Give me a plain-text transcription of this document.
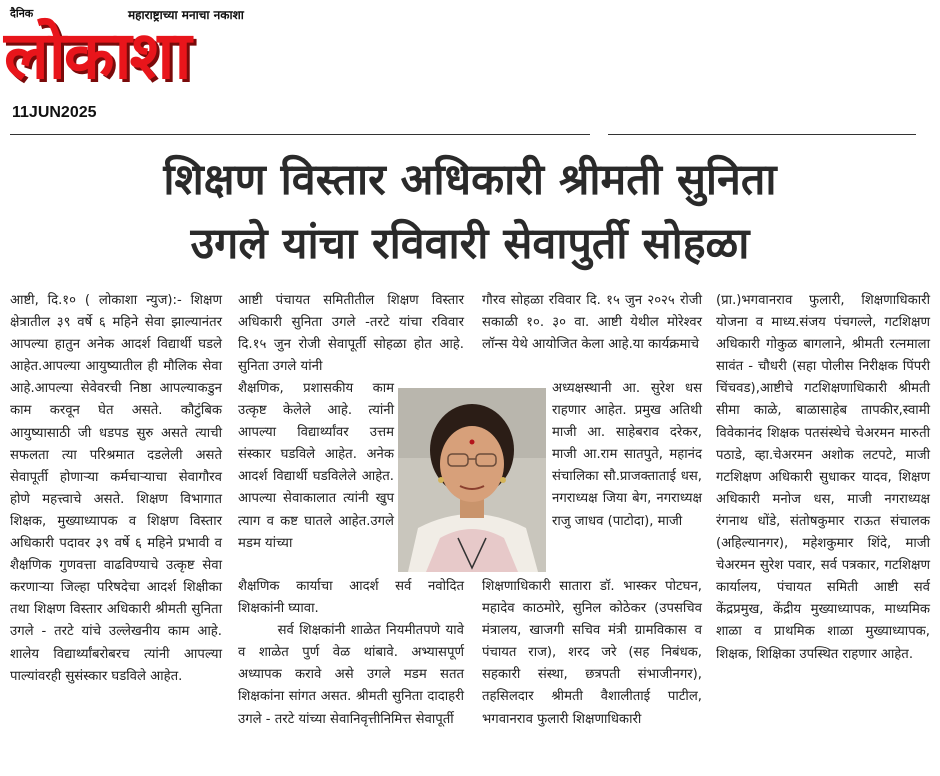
दैनिक	महाराष्ट्राच्या मनाचा नकाशा
लोकाशा
11JUN2025
शिक्षण विस्तार अधिकारी श्रीमती सुनिता
उगले यांचा रविवारी सेवापुर्ती सोहळा

आष्टी, दि.१० ( लोकाशा न्युज):- शिक्षण क्षेत्रातील ३९ वर्षे ६ महिने सेवा झाल्यानंतर आपल्या हातुन अनेक आदर्श विद्यार्थी घडले आहेत.आपल्या आयुष्यातील ही मौलिक सेवा आहे.आपल्या सेवेवरची निष्ठा आपल्याकडुन काम करवून घेत असते. कौटुंबिक आयुष्यासाठी जी धडपड सुरु असते त्याची सफलता त्या परिश्रमात दडलेली असते सेवापूर्ती होणार्‍या कर्मचार्‍याचा सेवागौरव होणे महत्त्वाचे असते. शिक्षण विभागात शिक्षक, मुख्याध्यापक व शिक्षण विस्तार अधिकारी पदावर ३९ वर्षे ६ महिने प्रभावी व शैक्षणिक गुणवत्ता वाढविण्याचे उत्कृष्ट सेवा करणार्‍या जिल्हा परिषदेचा आदर्श शिक्षीका तथा शिक्षण विस्तार अधिकारी श्रीमती सुनिता उगले - तरटे यांचे उल्लेखनीय काम आहे. शालेय विद्यार्थ्यांबरोबरच त्यांनी आपल्या पाल्यांवरही सुसंस्कार घडविले आहेत.

आष्टी पंचायत समितीतील शिक्षण विस्तार अधिकारी सुनिता उगले -तरटे यांचा रविवार दि.१५ जुन रोजी सेवापूर्ती सोहळा होत आहे. सुनिता उगले यांनी

शैक्षणिक, प्रशासकीय काम उत्कृष्ट केलेले आहे. त्यांनी आपल्या विद्यार्थ्यांवर उत्तम संस्कार घडविले आहेत. अनेक आदर्श विद्यार्थी घडविलेले आहेत. आपल्या सेवाकालात त्यांनी खुप त्याग व कष्ट घातले आहेत.उगले मडम यांच्या

शैक्षणिक कार्याचा आदर्श सर्व नवोदित शिक्षकांनी घ्यावा.

सर्व शिक्षकांनी शाळेत नियमीतपणे यावे व शाळेत पुर्ण वेळ थांबावे. अभ्यासपूर्ण अध्यापक करावे असे उगले मडम सतत शिक्षकांना सांगत असत. श्रीमती सुनिता दादाहरी उगले - तरटे यांच्या सेवानिवृत्तीनिमित्त सेवापूर्ती

गौरव सोहळा रविवार दि. १५ जुन २०२५ रोजी सकाळी १०. ३० वा. आष्टी येथील मोरेश्वर लॉन्स येथे आयोजित केला आहे.या कार्यक्रमाचे

अध्यक्षस्थानी आ. सुरेश धस राहणार आहेत. प्रमुख अतिथी माजी आ. साहेबराव दरेकर, माजी आ.राम सातपुते, महानंद संचालिका सौ.प्राजक्ताताई धस, नगराध्यक्ष जिया बेग, नगराध्यक्ष राजु जाधव (पाटोदा), माजी

शिक्षणाधिकारी सातारा डॉ. भास्कर पोटघन, महादेव काठमोरे, सुनिल कोठेकर (उपसचिव मंत्रालय, खाजगी सचिव मंत्री ग्रामविकास व पंचायत राज), शरद जरे (सह निबंधक, सहकारी संस्था, छत्रपती संभाजीनगर), तहसिलदार श्रीमती वैशालीताई पाटील, भगवानराव फुलारी शिक्षणाधिकारी

(प्रा.)भगवानराव फुलारी, शिक्षणाधिकारी योजना व माध्य.संजय पंचगल्ले, गटशिक्षण अधिकारी गोकुळ बागलाने, श्रीमती रत्नमाला सावंत - चौधरी (सहा पोलीस निरीक्षक पिंपरी चिंचवड),आष्टीचे गटशिक्षणाधिकारी श्रीमती सीमा काळे, बाळासाहेब तापकीर,स्वामी विवेकानंद शिक्षक पतसंस्थेचे चेअरमन मारुती पठाडे, व्हा.चेअरमन अशोक लटपटे, माजी गटशिक्षण अधिकारी सुधाकर यादव, शिक्षण अधिकारी मनोज धस, माजी नगराध्यक्ष रंगनाथ धोंडे, संतोषकुमार राऊत संचालक (अहिल्यानगर), महेशकुमार शिंदे, माजी चेअरमन सुरेश पवार, सर्व पत्रकार, गटशिक्षण कार्यालय, पंचायत समिती आष्टी सर्व केंद्रप्रमुख, केंद्रीय मुख्याध्यापक, माध्यमिक शाळा व प्राथमिक शाळा मुख्याध्यापक, शिक्षक, शिक्षिका उपस्थित राहणार आहेत.
